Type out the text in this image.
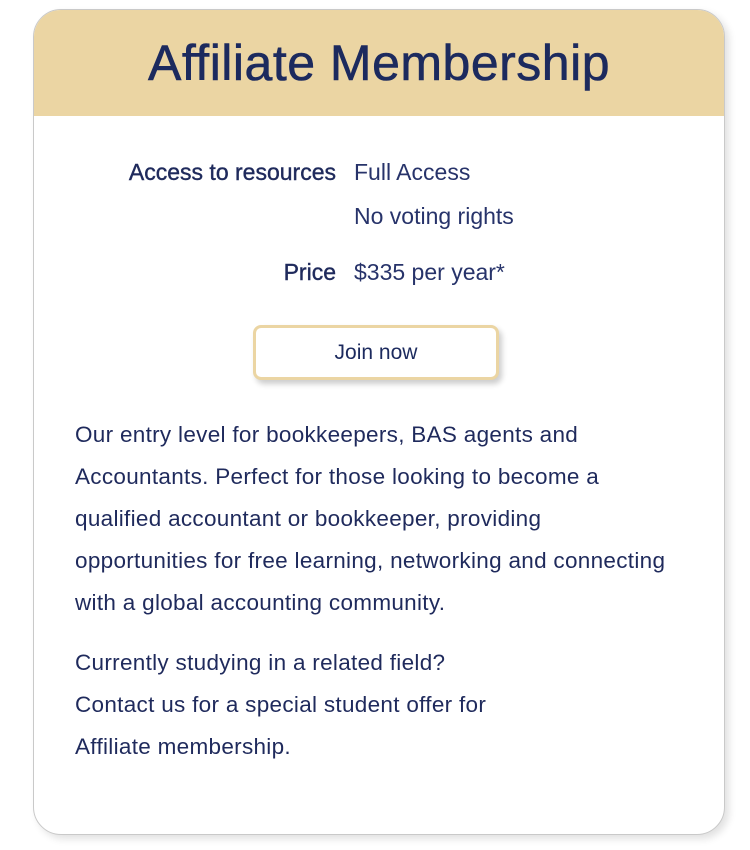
Affiliate Membership
Access to resources Full Access
No voting rights
Price $335 per year*
Join now

Our entry level for bookkeepers, BAS agents and Accountants. Perfect for those looking to become a qualified accountant or bookkeeper, providing opportunities for free learning, networking and connecting with a global accounting community.

Currently studying in a related field?
Contact us for a special student offer for
Affiliate membership.
